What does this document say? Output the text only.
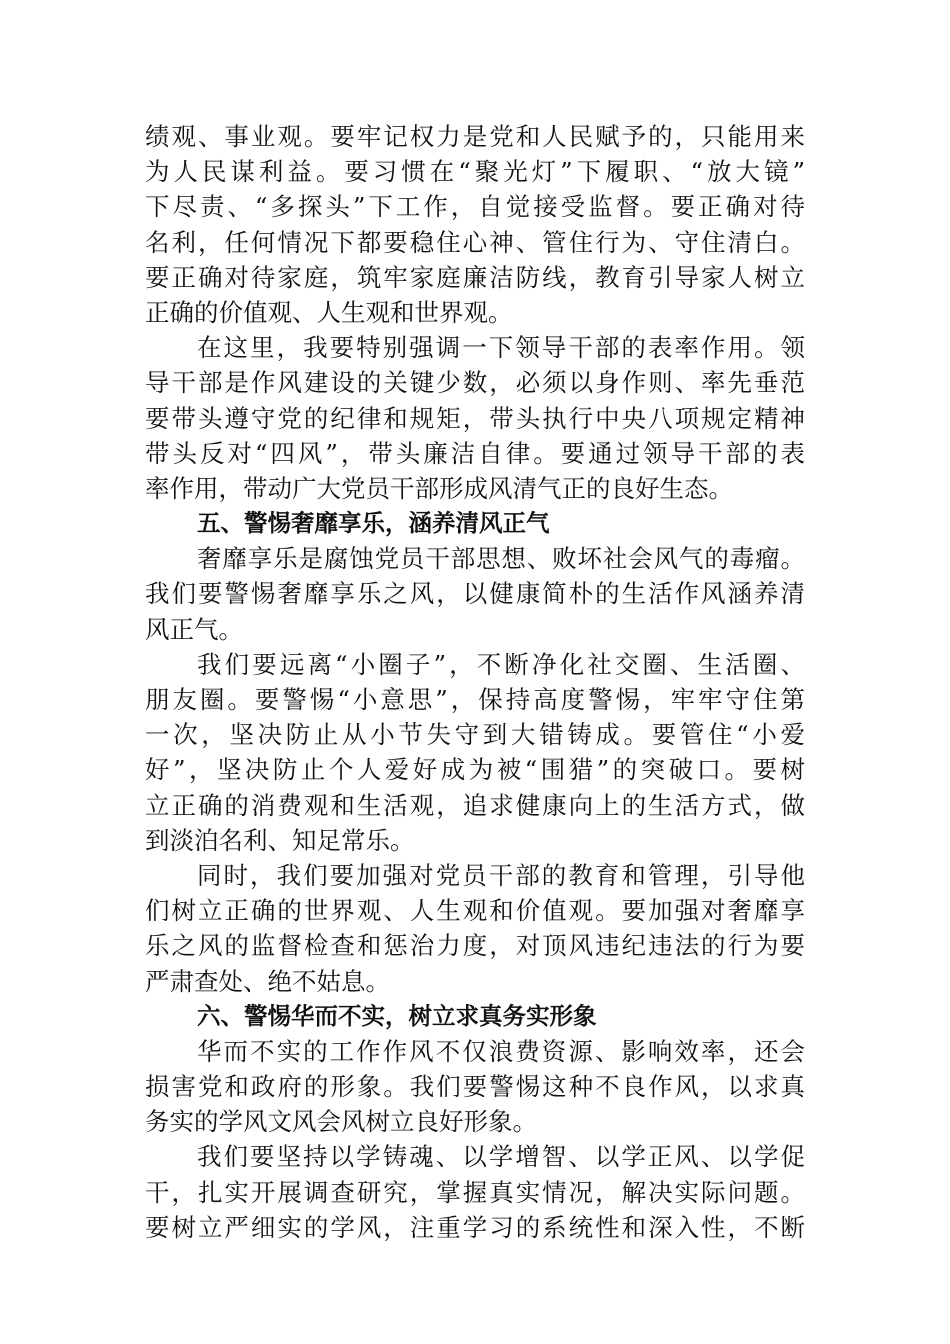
绩观、事业观。要牢记权力是党和人民赋予的，只能用来
为人民谋利益。要习惯在“聚光灯”下履职、“放大镜”
下尽责、“多探头”下工作，自觉接受监督。要正确对待
名利，任何情况下都要稳住心神、管住行为、守住清白。
要正确对待家庭，筑牢家庭廉洁防线，教育引导家人树立
正确的价值观、人生观和世界观。
在这里，我要特别强调一下领导干部的表率作用。领
导干部是作风建设的关键少数，必须以身作则、率先垂范
要带头遵守党的纪律和规矩，带头执行中央八项规定精神
带头反对“四风”，带头廉洁自律。要通过领导干部的表
率作用，带动广大党员干部形成风清气正的良好生态。
五、警惕奢靡享乐，涵养清风正气
奢靡享乐是腐蚀党员干部思想、败坏社会风气的毒瘤。
我们要警惕奢靡享乐之风，以健康简朴的生活作风涵养清
风正气。
我们要远离“小圈子”，不断净化社交圈、生活圈、
朋友圈。要警惕“小意思”，保持高度警惕，牢牢守住第
一次，坚决防止从小节失守到大错铸成。要管住“小爱
好”，坚决防止个人爱好成为被“围猎”的突破口。要树
立正确的消费观和生活观，追求健康向上的生活方式，做
到淡泊名利、知足常乐。
同时，我们要加强对党员干部的教育和管理，引导他
们树立正确的世界观、人生观和价值观。要加强对奢靡享
乐之风的监督检查和惩治力度，对顶风违纪违法的行为要
严肃查处、绝不姑息。
六、警惕华而不实，树立求真务实形象
华而不实的工作作风不仅浪费资源、影响效率，还会
损害党和政府的形象。我们要警惕这种不良作风，以求真
务实的学风文风会风树立良好形象。
我们要坚持以学铸魂、以学增智、以学正风、以学促
干，扎实开展调查研究，掌握真实情况，解决实际问题。
要树立严细实的学风，注重学习的系统性和深入性，不断
